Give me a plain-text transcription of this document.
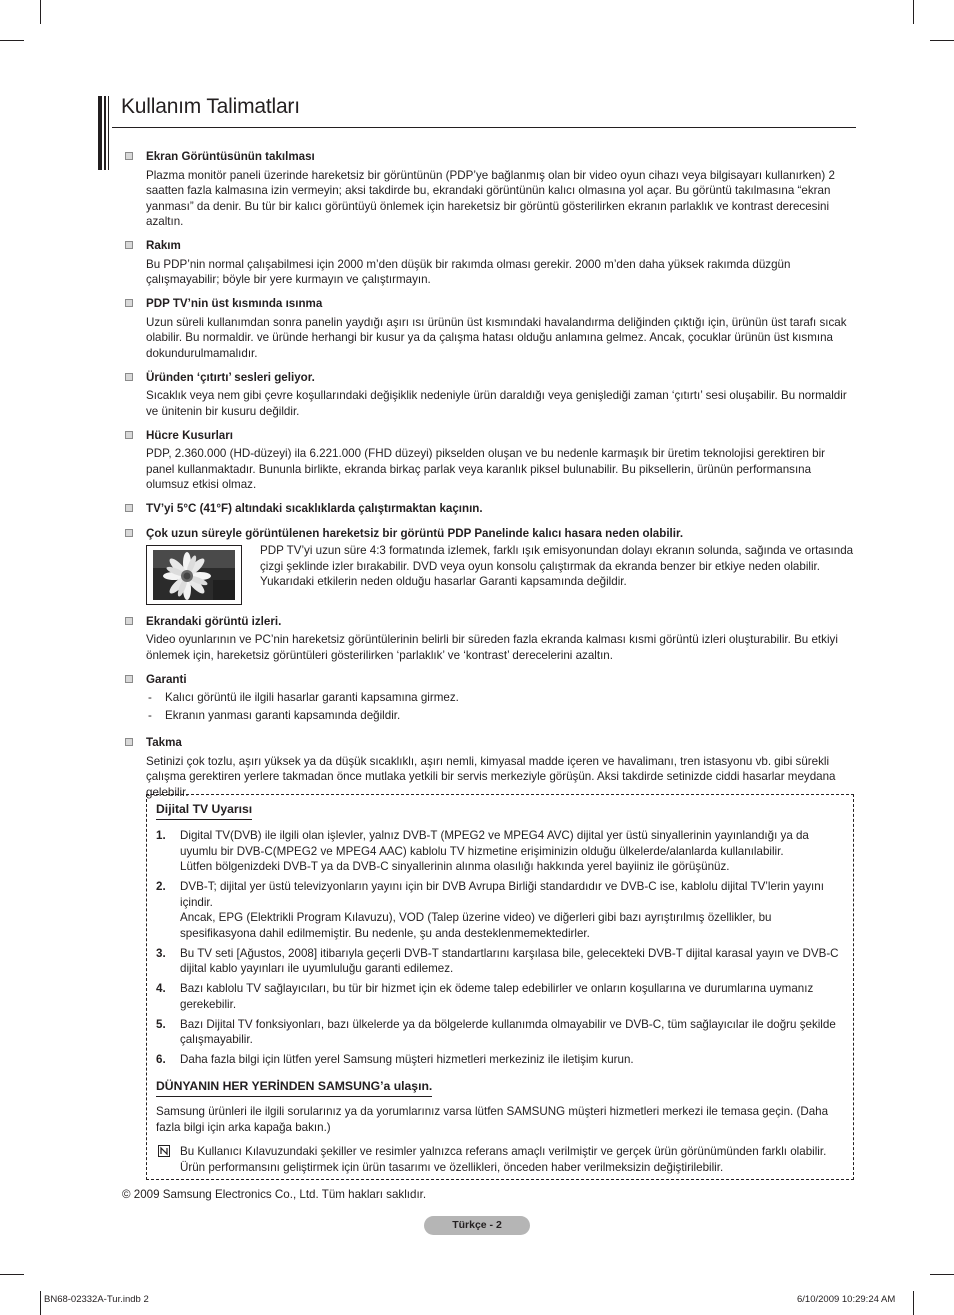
Kullanım Talimatları
Ekran Görüntüsünün takılması

Plazma monitör paneli üzerinde hareketsiz bir görüntünün (PDP’ye bağlanmış olan bir video oyun cihazı veya bilgisayarı kullanırken) 2 saatten fazla kalmasına izin vermeyin; aksi takdirde bu, ekrandaki görüntünün kalıcı olmasına yol açar. Bu görüntü takılmasına “ekran yanması” da denir. Bu tür bir kalıcı görüntüyü önlemek için hareketsiz bir görüntü gösterilirken ekranın parlaklık ve kontrast derecesini azaltın.

Rakım

Bu PDP’nin normal çalışabilmesi için 2000 m’den düşük bir rakımda olması gerekir. 2000 m’den daha yüksek rakımda düzgün çalışmayabilir; böyle bir yere kurmayın ve çalıştırmayın.

PDP TV’nin üst kısmında ısınma

Uzun süreli kullanımdan sonra panelin yaydığı aşırı ısı ürünün üst kısmındaki havalandırma deliğinden çıktığı için, ürünün üst tarafı sıcak olabilir. Bu normaldir. ve üründe herhangi bir kusur ya da çalışma hatası olduğu anlamına gelmez. Ancak, çocuklar ürünün üst kısmına dokundurulmamalıdır.

Üründen ‘çıtırtı’ sesleri geliyor.

Sıcaklık veya nem gibi çevre koşullarındaki değişiklik nedeniyle ürün daraldığı veya genişlediği zaman ‘çıtırtı’ sesi oluşabilir. Bu normaldir ve ünitenin bir kusuru değildir.

Hücre Kusurları

PDP, 2.360.000 (HD-düzeyi) ila 6.221.000 (FHD düzeyi) pikselden oluşan ve bu nedenle karmaşık bir üretim teknolojisi gerektiren bir panel kullanmaktadır. Bununla birlikte, ekranda birkaç parlak veya karanlık piksel bulunabilir. Bu piksellerin, ürünün performansına olumsuz etkisi olmaz.

TV’yi 5°C (41°F) altındaki sıcaklıklarda çalıştırmaktan kaçının.
Çok uzun süreyle görüntülenen hareketsiz bir görüntü PDP Panelinde kalıcı hasara neden olabilir.

PDP TV’yi uzun süre 4:3 formatında izlemek, farklı ışık emisyonundan dolayı ekranın solunda, sağında ve ortasında çizgi şeklinde izler bırakabilir. DVD veya oyun konsolu çalıştırmak da ekranda benzer bir etkiye neden olabilir. Yukarıdaki etkilerin neden olduğu hasarlar Garanti kapsamında değildir.

Ekrandaki görüntü izleri.

Video oyunlarının ve PC’nin hareketsiz görüntülerinin belirli bir süreden fazla ekranda kalması kısmi görüntü izleri oluşturabilir. Bu etkiyi önlemek için, hareketsiz görüntüleri gösterilirken ‘parlaklık’ ve ‘kontrast’ derecelerini azaltın.

Garanti
- Kalıcı görüntü ile ilgili hasarlar garanti kapsamına girmez.
- Ekranın yanması garanti kapsamında değildir.
Takma

Setinizi çok tozlu, aşırı yüksek ya da düşük sıcaklıklı, aşırı nemli, kimyasal madde içeren ve havalimanı, tren istasyonu vb. gibi sürekli çalışma gerektiren yerlere takmadan önce mutlaka yetkili bir servis merkeziyle görüşün. Aksi takdirde setinizde ciddi hasarlar meydana gelebilir.

Dijital TV Uyarısı
1. Digital TV(DVB) ile ilgili olan işlevler, yalnız DVB-T (MPEG2 ve MPEG4 AVC) dijital yer üstü sinyallerinin yayınlandığı ya da uyumlu bir DVB-C(MPEG2 ve MPEG4 AAC) kablolu TV hizmetine erişiminizin olduğu ülkelerde/alanlarda kullanılabilir.
Lütfen bölgenizdeki DVB-T ya da DVB-C sinyallerinin alınma olasılığı hakkında yerel bayiiniz ile görüşünüz.
2. DVB-T; dijital yer üstü televizyonların yayını için bir DVB Avrupa Birliği standardıdır ve DVB-C ise, kablolu dijital TV’lerin yayını içindir.
Ancak, EPG (Elektrikli Program Kılavuzu), VOD (Talep üzerine video) ve diğerleri gibi bazı ayrıştırılmış özellikler, bu spesifikasyona dahil edilmemiştir. Bu nedenle, şu anda desteklenmemektedirler.
3. Bu TV seti [Ağustos, 2008] itibarıyla geçerli DVB-T standartlarını karşılasa bile, gelecekteki DVB-T dijital karasal yayın ve DVB-C dijital kablo yayınları ile uyumluluğu garanti edilemez.
4. Bazı kablolu TV sağlayıcıları, bu tür bir hizmet için ek ödeme talep edebilirler ve onların koşullarına ve durumlarına uymanız gerekebilir.
5. Bazı Dijital TV fonksiyonları, bazı ülkelerde ya da bölgelerde kullanımda olmayabilir ve DVB-C, tüm sağlayıcılar ile doğru şekilde çalışmayabilir.
6. Daha fazla bilgi için lütfen yerel Samsung müşteri hizmetleri merkeziniz ile iletişim kurun.
DÜNYANIN HER YERİNDEN SAMSUNG’a ulaşın.

Samsung ürünleri ile ilgili sorularınız ya da yorumlarınız varsa lütfen SAMSUNG müşteri hizmetleri merkezi ile temasa geçin. (Daha fazla bilgi için arka kapağa bakın.)

Bu Kullanıcı Kılavuzundaki şekiller ve resimler yalnızca referans amaçlı verilmiştir ve gerçek ürün görünümünden farklı olabilir. Ürün performansını geliştirmek için ürün tasarımı ve özellikleri, önceden haber verilmeksizin değiştirilebilir.
© 2009 Samsung Electronics Co., Ltd. Tüm hakları saklıdır.
Türkçe - 2
BN68-02332A-Tur.indb 2	6/10/2009 10:29:24 AM
